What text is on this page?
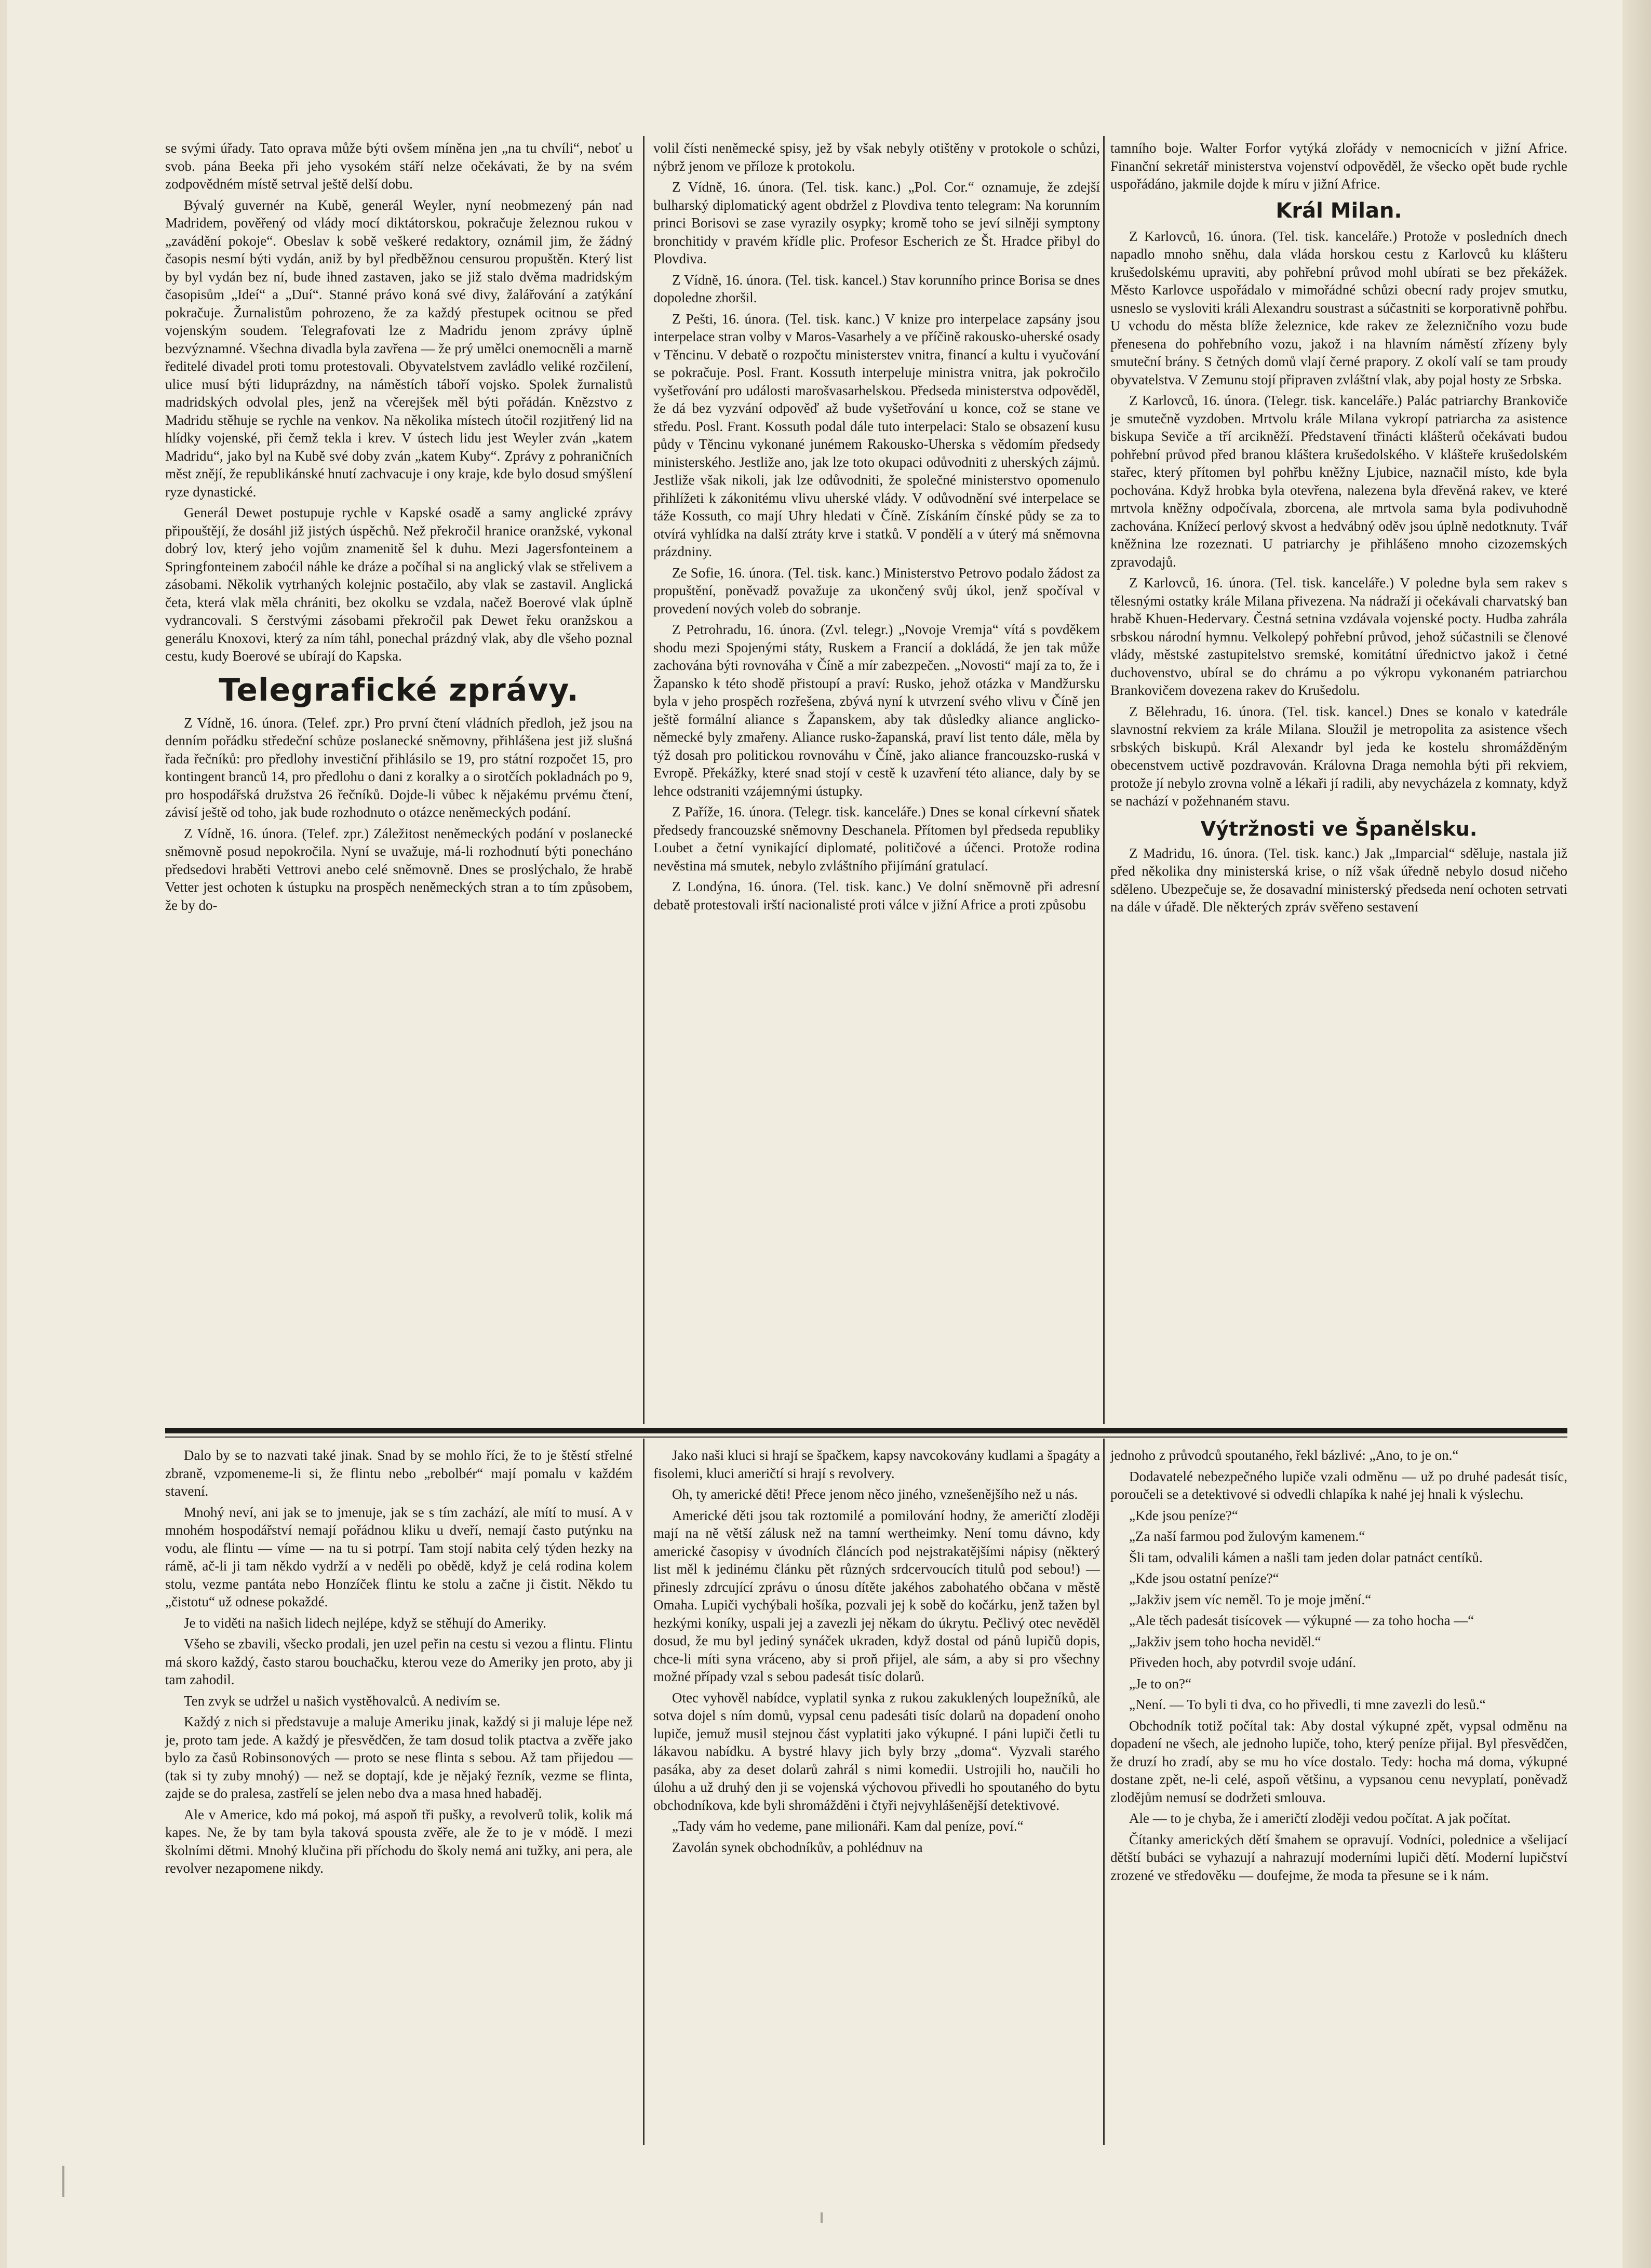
se svými úřady. Tato oprava může býti ovšem míněna jen „na tu chvíli“, neboť u svob. pána Beeka při jeho vysokém stáří nelze očekávati, že by na svém zodpovědném místě setrval ještě delší dobu.

Bývalý guvernér na Kubě, generál Weyler, nyní neobmezený pán nad Madridem, pověřený od vlády mocí diktátorskou, pokračuje železnou rukou v „zavádění pokoje“. Obeslav k sobě veškeré redaktory, oznámil jim, že žádný časopis nesmí býti vydán, aniž by byl předběžnou censurou propuštěn. Který list by byl vydán bez ní, bude ihned zastaven, jako se již stalo dvěma madridským časopisům „Ideí“ a „Duí“. Stanné právo koná své divy, žalářování a zatýkání pokračuje. Žurnalistům pohrozeno, že za každý přestupek ocitnou se před vojenským soudem. Telegrafovati lze z Madridu jenom zprávy úplně bezvýznamné. Všechna divadla byla zavřena — že prý umělci onemocněli a marně ředitelé divadel proti tomu protestovali. Obyvatelstvem zavládlo veliké rozčilení, ulice musí býti liduprázdny, na náměstích táboří vojsko. Spolek žurnalistů madridských odvolal ples, jenž na včerejšek měl býti pořádán. Knězstvo z Madridu stěhuje se rychle na venkov. Na několika místech útočil rozjitřený lid na hlídky vojenské, při čemž tekla i krev. V ústech lidu jest Weyler zván „katem Madridu“, jako byl na Kubě své doby zván „katem Kuby“. Zprávy z pohraničních měst znějí, že republikánské hnutí zachvacuje i ony kraje, kde bylo dosud smýšlení ryze dynastické.

Generál Dewet postupuje rychle v Kapské osadě a samy anglické zprávy připouštějí, že dosáhl již jistých úspěchů. Než překročil hranice oranžské, vykonal dobrý lov, který jeho vojům znamenitě šel k duhu. Mezi Jagersfonteinem a Springfonteinem zaboćil náhle ke dráze a počíhal si na anglický vlak se střelivem a zásobami. Několik vytrhaných kolejnic postačilo, aby vlak se zastavil. Anglická četa, která vlak měla chrániti, bez okolku se vzdala, načež Boerové vlak úplně vydrancovali. S čerstvými zásobami překročil pak Dewet řeku oranžskou a generálu Knoxovi, který za ním táhl, ponechal prázdný vlak, aby dle všeho poznal cestu, kudy Boerové se ubírají do Kapska.

Telegrafické zprávy.

Z Vídně, 16. února. (Telef. zpr.) Pro první čtení vládních předloh, jež jsou na denním pořádku středeční schůze poslanecké sněmovny, přihlášena jest již slušná řada řečníků: pro předlohy investiční přihlásilo se 19, pro státní rozpočet 15, pro kontingent branců 14, pro předlohu o dani z koralky a o sirotčích pokladnách po 9, pro hospodářská družstva 26 řečníků. Dojde-li vůbec k nějakému prvému čtení, závisí ještě od toho, jak bude rozhodnuto o otázce neněmeckých podání.

Z Vídně, 16. února. (Telef. zpr.) Záležitost neněmeckých podání v poslanecké sněmovně posud nepokročila. Nyní se uvažuje, má-li rozhodnutí býti ponecháno předsedovi hraběti Vettrovi anebo celé sněmovně. Dnes se proslýchalo, že hrabě Vetter jest ochoten k ústupku na prospěch neněmeckých stran a to tím způsobem, že by do-

Dalo by se to nazvati také jinak. Snad by se mohlo říci, že to je štěstí střelné zbraně, vzpomeneme-li si, že flintu nebo „rebolbér“ mají pomalu v každém stavení.

Mnohý neví, ani jak se to jmenuje, jak se s tím zachází, ale mítí to musí. A v mnohém hospodářství nemají pořádnou kliku u dveří, nemají často putýnku na vodu, ale flintu — víme — na tu si potrpí. Tam stojí nabita celý týden hezky na rámě, ač-li ji tam někdo vydrží a v neděli po obědě, když je celá rodina kolem stolu, vezme pantáta nebo Honzíček flintu ke stolu a začne ji čistit. Někdo tu „čistotu“ už odnese pokaždé.

Je to viděti na našich lidech nejlépe, když se stěhují do Ameriky.

Všeho se zbavili, všecko prodali, jen uzel peřin na cestu si vezou a flintu. Flintu má skoro každý, často starou bouchačku, kterou veze do Ameriky jen proto, aby ji tam zahodil.

Ten zvyk se udržel u našich vystěhovalců. A nedivím se.

Každý z nich si představuje a maluje Ameriku jinak, každý si ji maluje lépe než je, proto tam jede. A každý je přesvědčen, že tam dosud tolik ptactva a zvěře jako bylo za časů Robinsonových — proto se nese flinta s sebou. Až tam přijedou — (tak si ty zuby mnohý) — než se doptají, kde je nějaký řezník, vezme se flinta, zajde se do pralesa, zastřelí se jelen nebo dva a masa hned habaděj.

Ale v Americe, kdo má pokoj, má aspoň tři pušky, a revolverů tolik, kolik má kapes. Ne, že by tam byla taková spousta zvěře, ale že to je v módě. I mezi školními dětmi. Mnohý klučina při příchodu do školy nemá ani tužky, ani pera, ale revolver nezapomene nikdy.

volil čísti neněmecké spisy, jež by však nebyly otištěny v protokole o schůzi, nýbrž jenom ve přílozе k protokolu.

Z Vídně, 16. února. (Tel. tisk. kanc.) „Pol. Cor.“ oznamuje, že zdejší bulharský diplomatický agent obdržel z Plovdiva tento telegram: Na korunním princi Borisovi se zase vyrazily osypky; kromě toho se jeví silněji symptony bronchitidy v pravém křídle plic. Profesor Escherich ze Št. Hradce přibyl do Plovdiva.

Z Vídně, 16. února. (Tel. tisk. kancel.) Stav korunního prince Borisa se dnes dopoledne zhoršil.

Z Pešti, 16. února. (Tel. tisk. kanc.) V knize pro interpelace zapsány jsou interpelace stran volby v Maros-Vasarhely a ve příčině rakousko-uherské osady v Těncinu. V debatě o rozpočtu ministerstev vnitra, financí a kultu i vyučování se pokračuje. Posl. Frant. Kossuth interpeluje ministra vnitra, jak pokročilo vyšetřování pro události marošvasarhelskou. Předseda ministerstva odpověděl, že dá bez vyzvání odpověď až bude vyšetřování u konce, což se stane ve středu. Posl. Frant. Kossuth podal dále tuto interpelaci: Stalo se obsazení kusu půdy v Těncinu vykonané junémem Rakousko-Uherska s vědomím předsedy ministerského. Jestliže ano, jak lze toto okupaci odůvodniti z uherských zájmů. Jestliže však nikoli, jak lze odůvodniti, že společné ministerstvo opomenulo přihlížeti k zákonitému vlivu uherské vlády. V odůvodnění své interpelace se táže Kossuth, co mají Uhry hledati v Číně. Získáním čínské půdy se za to otvírá vyhlídka na další ztráty krve i statků. V pondělí a v úterý má sněmovna prázdniny.

Ze Sofie, 16. února. (Tel. tisk. kanc.) Ministerstvo Petrovo podalo žádost za propuštění, poněvadž považuje za ukončený svůj úkol, jenž spočíval v provedení nových voleb do sobranje.

Z Petrohradu, 16. února. (Zvl. telegr.) „Novoje Vremja“ vítá s povděkem shodu mezi Spojenými státy, Ruskem a Francií a dokládá, že jen tak může zachována býti rovnováha v Číně a mír zabezpečen. „Novosti“ mají za to, že i Žapansko k této shodě přistoupí a praví: Rusko, jehož otázka v Mandžursku byla v jeho prospěch rozřešena, zbývá nyní k utvrzení svého vlivu v Číně jen ještě formální aliance s Žapanskem, aby tak důsledky aliance anglicko-německé byly zmařeny. Aliance rusko-žapanská, praví list tento dále, měla by týž dosah pro politickou rovnováhu v Číně, jako aliance francouzsko-ruská v Evropě. Překážky, které snad stojí v cestě k uzavření této aliance, daly by se lehce odstraniti vzájemnými ústupky.

Z Paříže, 16. února. (Telegr. tisk. kanceláře.) Dnes se konal církevní sňatek předsedy francouzské sněmovny Deschanela. Přítomen byl předseda republiky Loubet a četní vynikající diplomaté, političové a účenci. Protože rodina nevěstina má smutek, nebylo zvláštního přijímání gratulací.

Z Londýna, 16. února. (Tel. tisk. kanc.) Ve dolní sněmovně při adresní debatě protestovali irští nacionalisté proti válce v jižní Africe a proti způsobu

Jako naši kluci si hrají se špačkem, kapsy navcokovány kudlami a špagáty a fisolemi, kluci američtí si hrají s revolvery.

Oh, ty americké děti! Přece jenom něco jiného, vznešenějšího než u nás.

Americké děti jsou tak roztomilé a pomilování hodny, že američtí zloději mají na ně větší zálusk než na tamní wertheimky. Není tomu dávno, kdy americké časopisy v úvodních článcích pod nejstrakatějšími nápisy (některý list měl k jedinému článku pět různých srdcervoucích titulů pod sebou!) — přinesly zdrcující zprávu o únosu dítěte jakéhos zabohatého občana v městě Omaha. Lupiči vychýbali hošíka, pozvali jej k sobě do kočárku, jenž tažen byl hezkými koníky, uspali jej a zavezli jej někam do úkrytu. Pečlivý otec nevěděl dosud, že mu byl jediný synáček ukraden, když dostal od pánů lupičů dopis, chce-li míti syna vráceno, aby si proň přijel, ale sám, a aby si pro všechny možné případy vzal s sebou padesát tisíc dolarů.

Otec vyhověl nabídce, vyplatil synka z rukou zakuklených loupežníků, ale sotva dojel s ním domů, vypsal cenu padesáti tisíc dolarů na dopadení onoho lupiče, jemuž musil stejnou část vyplatiti jako výkupné. I páni lupiči četli tu lákavou nabídku. A bystré hlavy jich byly brzy „doma“. Vyzvali starého pasáka, aby za deset dolarů zahrál s nimi komedii. Ustrojili ho, naučili ho úlohu a už druhý den ji se vojenská výchovou přivedli ho spoutaného do bytu obchodníkova, kde byli shromážděni i čtyři nejvyhlášenější detektivové.

„Tady vám ho vedeme, pane milionáři. Kam dal peníze, poví.“

Zavolán synek obchodníkův, a pohlédnuv na

tamního boje. Walter Forfor vytýká zlořády v nemocnicích v jižní Africe. Finanční sekretář ministerstva vojenství odpověděl, že všecko opět bude rychle uspořádáno, jakmile dojde k míru v jižní Africe.

Král Milan.

Z Karlovců, 16. února. (Tel. tisk. kanceláře.) Protože v posledních dnech napadlo mnoho sněhu, dala vláda horskou cestu z Karlovců ku klášteru krušedolskému upraviti, aby pohřební průvod mohl ubírati se bez překážek. Město Karlovce uspořádalo v mimořádné schůzi obecní rady projev smutku, usneslo se vysloviti králi Alexandru soustrast a súčastniti se korporativně pohřbu. U vchodu do města blíže železnice, kde rakev ze železničního vozu bude přenesena do pohřebního vozu, jakož i na hlavním náměstí zřízeny byly smuteční brány. S četných domů vlají černé prapory. Z okolí valí se tam proudy obyvatelstva. V Zemunu stojí připraven zvláštní vlak, aby pojal hosty ze Srbska.

Z Karlovců, 16. února. (Telegr. tisk. kanceláře.) Palác patriarchy Brankoviče je smutečně vyzdoben. Mrtvolu krále Milana vykropí patriarcha za asistence biskupa Seviče a tří arcikněží. Představení třinácti klášterů očekávati budou pohřební průvod před branou kláštera krušedolského. V klášteře krušedolském stařec, který přítomen byl pohřbu kněžny Ljubice, naznačil místo, kde byla pochována. Když hrobka byla otevřena, nalezena byla dřevěná rakev, ve které mrtvola kněžny odpočívala, zborcena, ale mrtvola sama byla podivuhodně zachována. Knížecí perlový skvost a hedvábný oděv jsou úplně nedotknuty. Tvář kněžnina lze rozeznati. U patriarchy je přihlášeno mnoho cizozemských zpravodajů.

Z Karlovců, 16. února. (Tel. tisk. kanceláře.) V poledne byla sem rakev s tělesnými ostatky krále Milana přivezena. Na nádraží ji očekávali charvatský ban hrabě Khuen-Hedervary. Čestná setnina vzdávala vojenské pocty. Hudba zahrála srbskou národní hymnu. Velkolepý pohřební průvod, jehož súčastnili se členové vlády, městské zastupitelstvo sremské, komitátní úřednictvo jakož i četné duchovenstvo, ubíral se do chrámu a po výkropu vykonaném patriarchou Brankovičem dovezena rakev do Krušedolu.

Z Bělehradu, 16. února. (Tel. tisk. kancel.) Dnes se konalo v katedrále slavnostní rekviem za krále Milana. Sloužil je metropolita za asistence všech srbských biskupů. Král Alexandr byl jeda ke kostelu shromážděným obecenstvem uctivě pozdravován. Královna Draga nemohla býti při rekviem, protože jí nebylo zrovna volně a lékaři jí radili, aby nevycházela z komnaty, když se nachází v požehnaném stavu.

Výtržnosti ve Španělsku.

Z Madridu, 16. února. (Tel. tisk. kanc.) Jak „Imparcial“ sděluje, nastala již před několika dny ministerská krise, o níž však úředně nebylo dosud ničeho sděleno. Ubezpečuje se, že dosavadní ministerský předseda není ochoten setrvati na dále v úřadě. Dle některých zpráv svěřeno sestavení

jednoho z průvodců spoutaného, řekl bázlivé: „Ano, to je on.“

Dodavatelé nebezpečného lupiče vzali odměnu — už po druhé padesát tisíc, poroučeli se a detektivové si odvedli chlapíka k nahé jej hnali k výslechu.

„Kde jsou peníze?“

„Za naší farmou pod žulovým kamenem.“

Šli tam, odvalili kámen a našli tam jeden dolar patnáct centíků.

„Kde jsou ostatní peníze?“

„Jakživ jsem víc neměl. To je moje jmění.“

„Ale těch padesát tisícovek — výkupné — za toho hocha —“

„Jakživ jsem toho hocha neviděl.“

Přiveden hoch, aby potvrdil svoje udání.

„Je to on?“

„Není. — To byli ti dva, co ho přivedli, ti mne zavezli do lesů.“

Obchodník totiž počítal tak: Aby dostal výkupné zpět, vypsal odměnu na dopadení ne všech, ale jednoho lupiče, toho, který peníze přijal. Byl přesvědčen, že druzí ho zradí, aby se mu ho více dostalo. Tedy: hocha má doma, výkupné dostane zpět, ne-li celé, aspoň většinu, a vypsanou cenu nevyplatí, poněvadž zlodějům nemusí se dodržeti smlouva.

Ale — to je chyba, že i američtí zloději vedou počítat. A jak počítat.

Čítanky amerických dětí šmahem se opravují. Vodníci, polednice a všelijací dětští bubáci se vyhazují a nahrazují moderními lupiči dětí. Moderní lupičství zrozené ve středověku — doufejme, že moda ta přesune se i k nám.
